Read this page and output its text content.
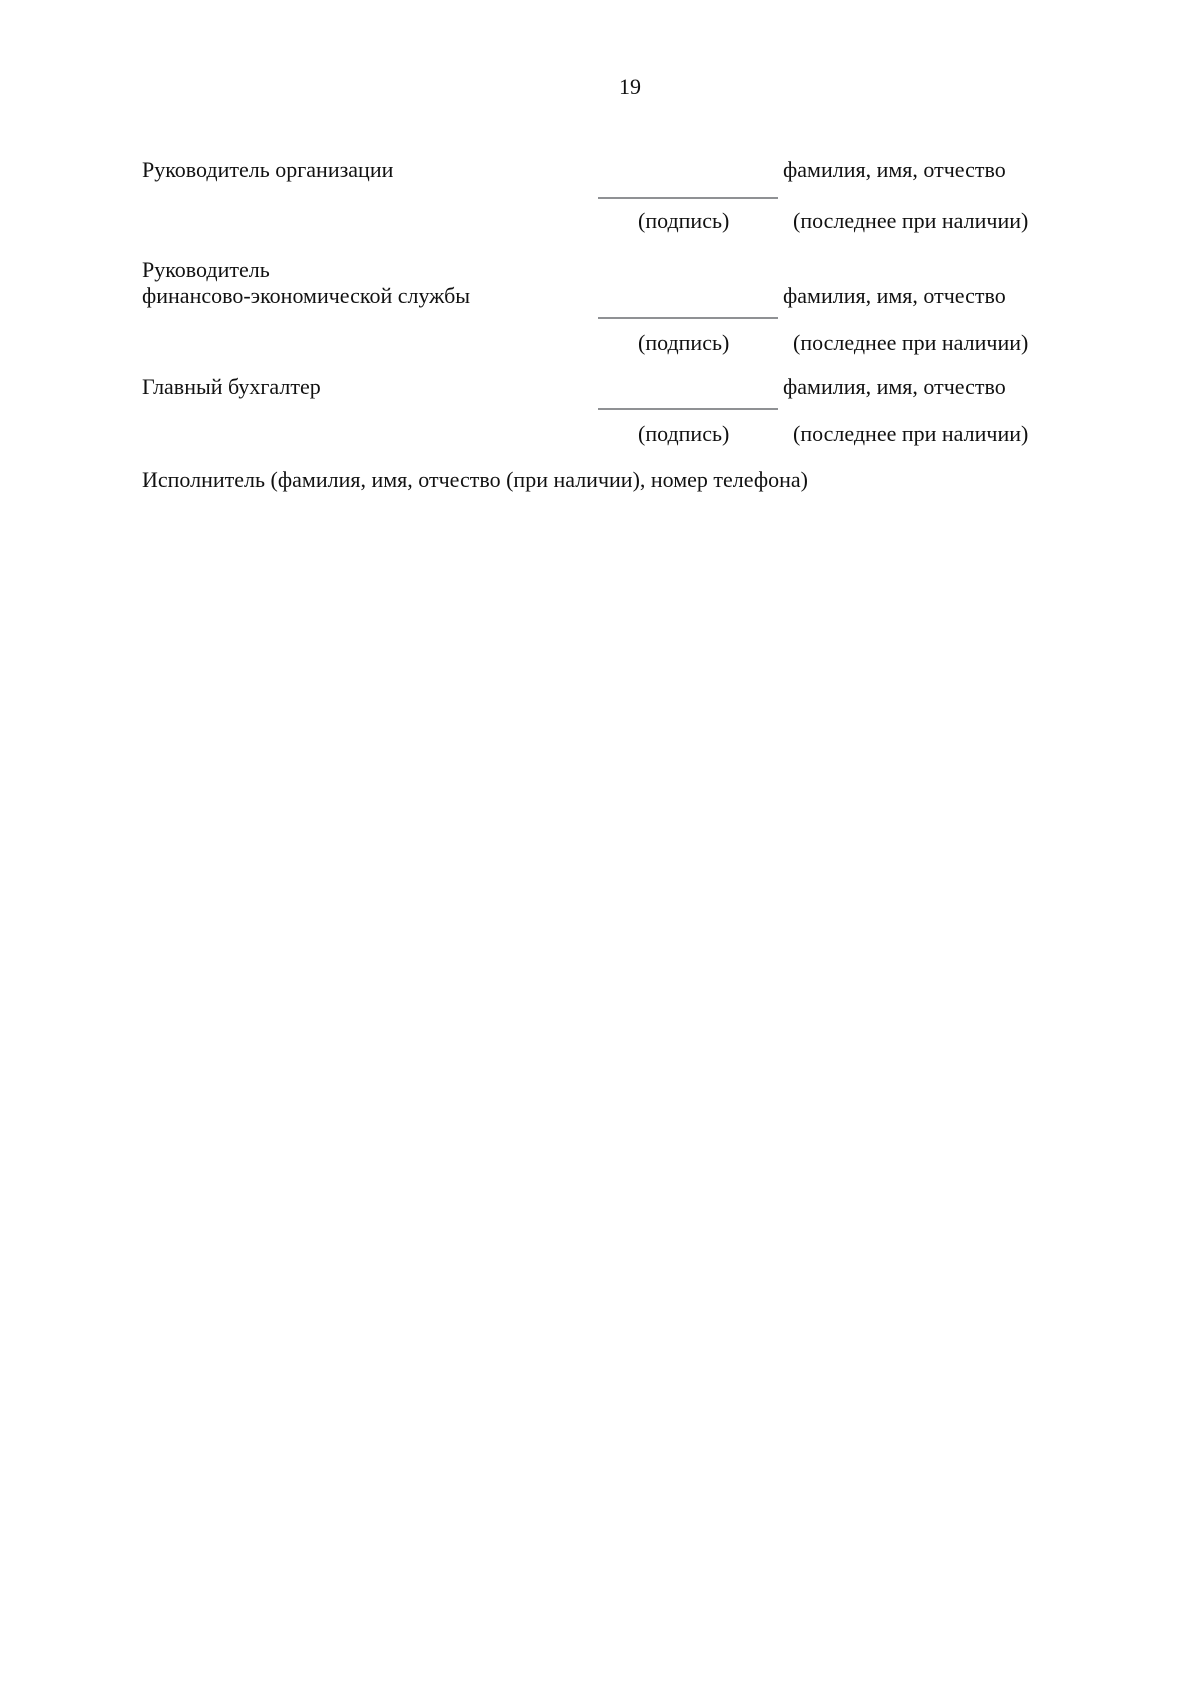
19
Руководитель организации	фамилия, имя, отчество
(подпись)	(последнее при наличии)
Руководитель
финансово-экономической службы	фамилия, имя, отчество
(подпись)	(последнее при наличии)
Главный бухгалтер	фамилия, имя, отчество
(подпись)	(последнее при наличии)
Исполнитель (фамилия, имя, отчество (при наличии), номер телефона)
